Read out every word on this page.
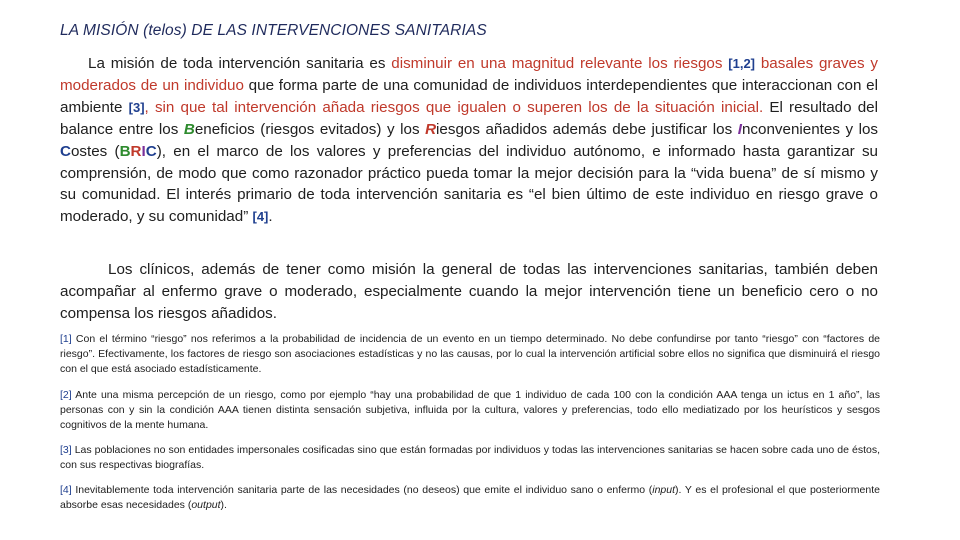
LA MISIÓN (telos) DE LAS INTERVENCIONES SANITARIAS
La misión de toda intervención sanitaria es disminuir en una magnitud relevante los riesgos [1,2] basales graves y moderados de un individuo que forma parte de una comunidad de individuos interdependientes que interaccionan con el ambiente [3], sin que tal intervención añada riesgos que igualen o superen los de la situación inicial. El resultado del balance entre los Beneficios (riesgos evitados) y los Riesgos añadidos además debe justificar los Inconvenientes y los Costes (BRIC), en el marco de los valores y preferencias del individuo autónomo, e informado hasta garantizar su comprensión, de modo que como razonador práctico pueda tomar la mejor decisión para la “vida buena” de sí mismo y su comunidad. El interés primario de toda intervención sanitaria es “el bien último de este individuo en riesgo grave o moderado, y su comunidad” [4].
Los clínicos, además de tener como misión la general de todas las intervenciones sanitarias, también deben acompañar al enfermo grave o moderado, especialmente cuando la mejor intervención tiene un beneficio cero o no compensa los riesgos añadidos.
[1] Con el término “riesgo” nos referimos a la probabilidad de incidencia de un evento en un tiempo determinado. No debe confundirse por tanto “riesgo” con “factores de riesgo”. Efectivamente, los factores de riesgo son asociaciones estadísticas y no las causas, por lo cual la intervención artificial sobre ellos no significa que disminuirá el riesgo con el que está asociado estadísticamente.
[2] Ante una misma percepción de un riesgo, como por ejemplo “hay una probabilidad de que 1 individuo de cada 100 con la condición AAA tenga un ictus en 1 año”, las personas con y sin la condición AAA tienen distinta sensación subjetiva, influida por la cultura, valores y preferencias, todo ello mediatizado por los heurísticos y sesgos cognitivos de la mente humana.
[3] Las poblaciones no son entidades impersonales cosificadas sino que están formadas por individuos y todas las intervenciones sanitarias se hacen sobre cada uno de éstos, con sus respectivas biografías.
[4] Inevitablemente toda intervención sanitaria parte de las necesidades (no deseos) que emite el individuo sano o enfermo (input). Y es el profesional el que posteriormente absorbe esas necesidades (output).
